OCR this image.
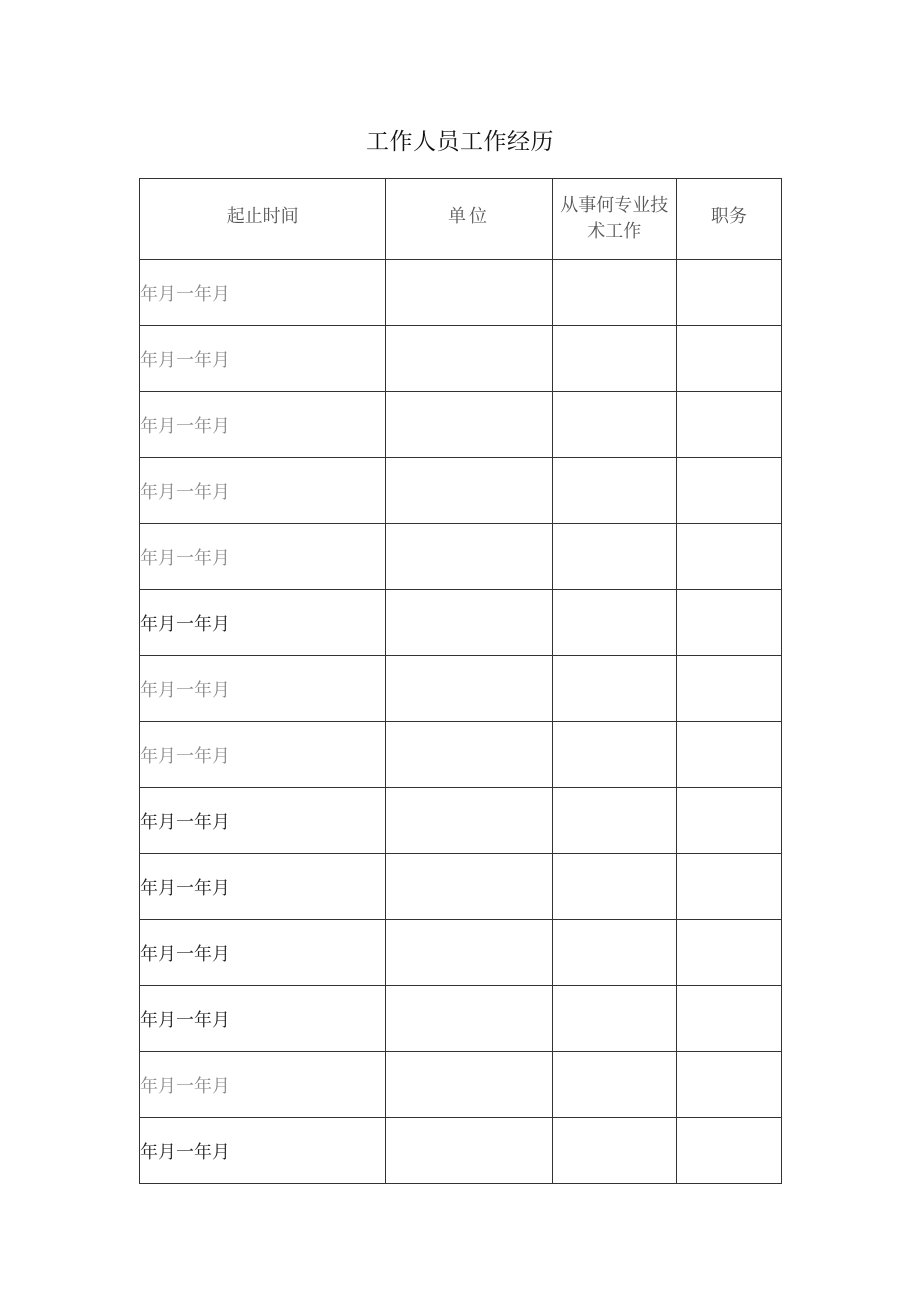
工作人员工作经历
起止时间	单位	从事何专业技
术工作	职务

年月一年月			
年月一年月			
年月一年月			
年月一年月			
年月一年月			
年月一年月			
年月一年月			
年月一年月			
年月一年月			
年月一年月			
年月一年月			
年月一年月			
年月一年月			
年月一年月			
